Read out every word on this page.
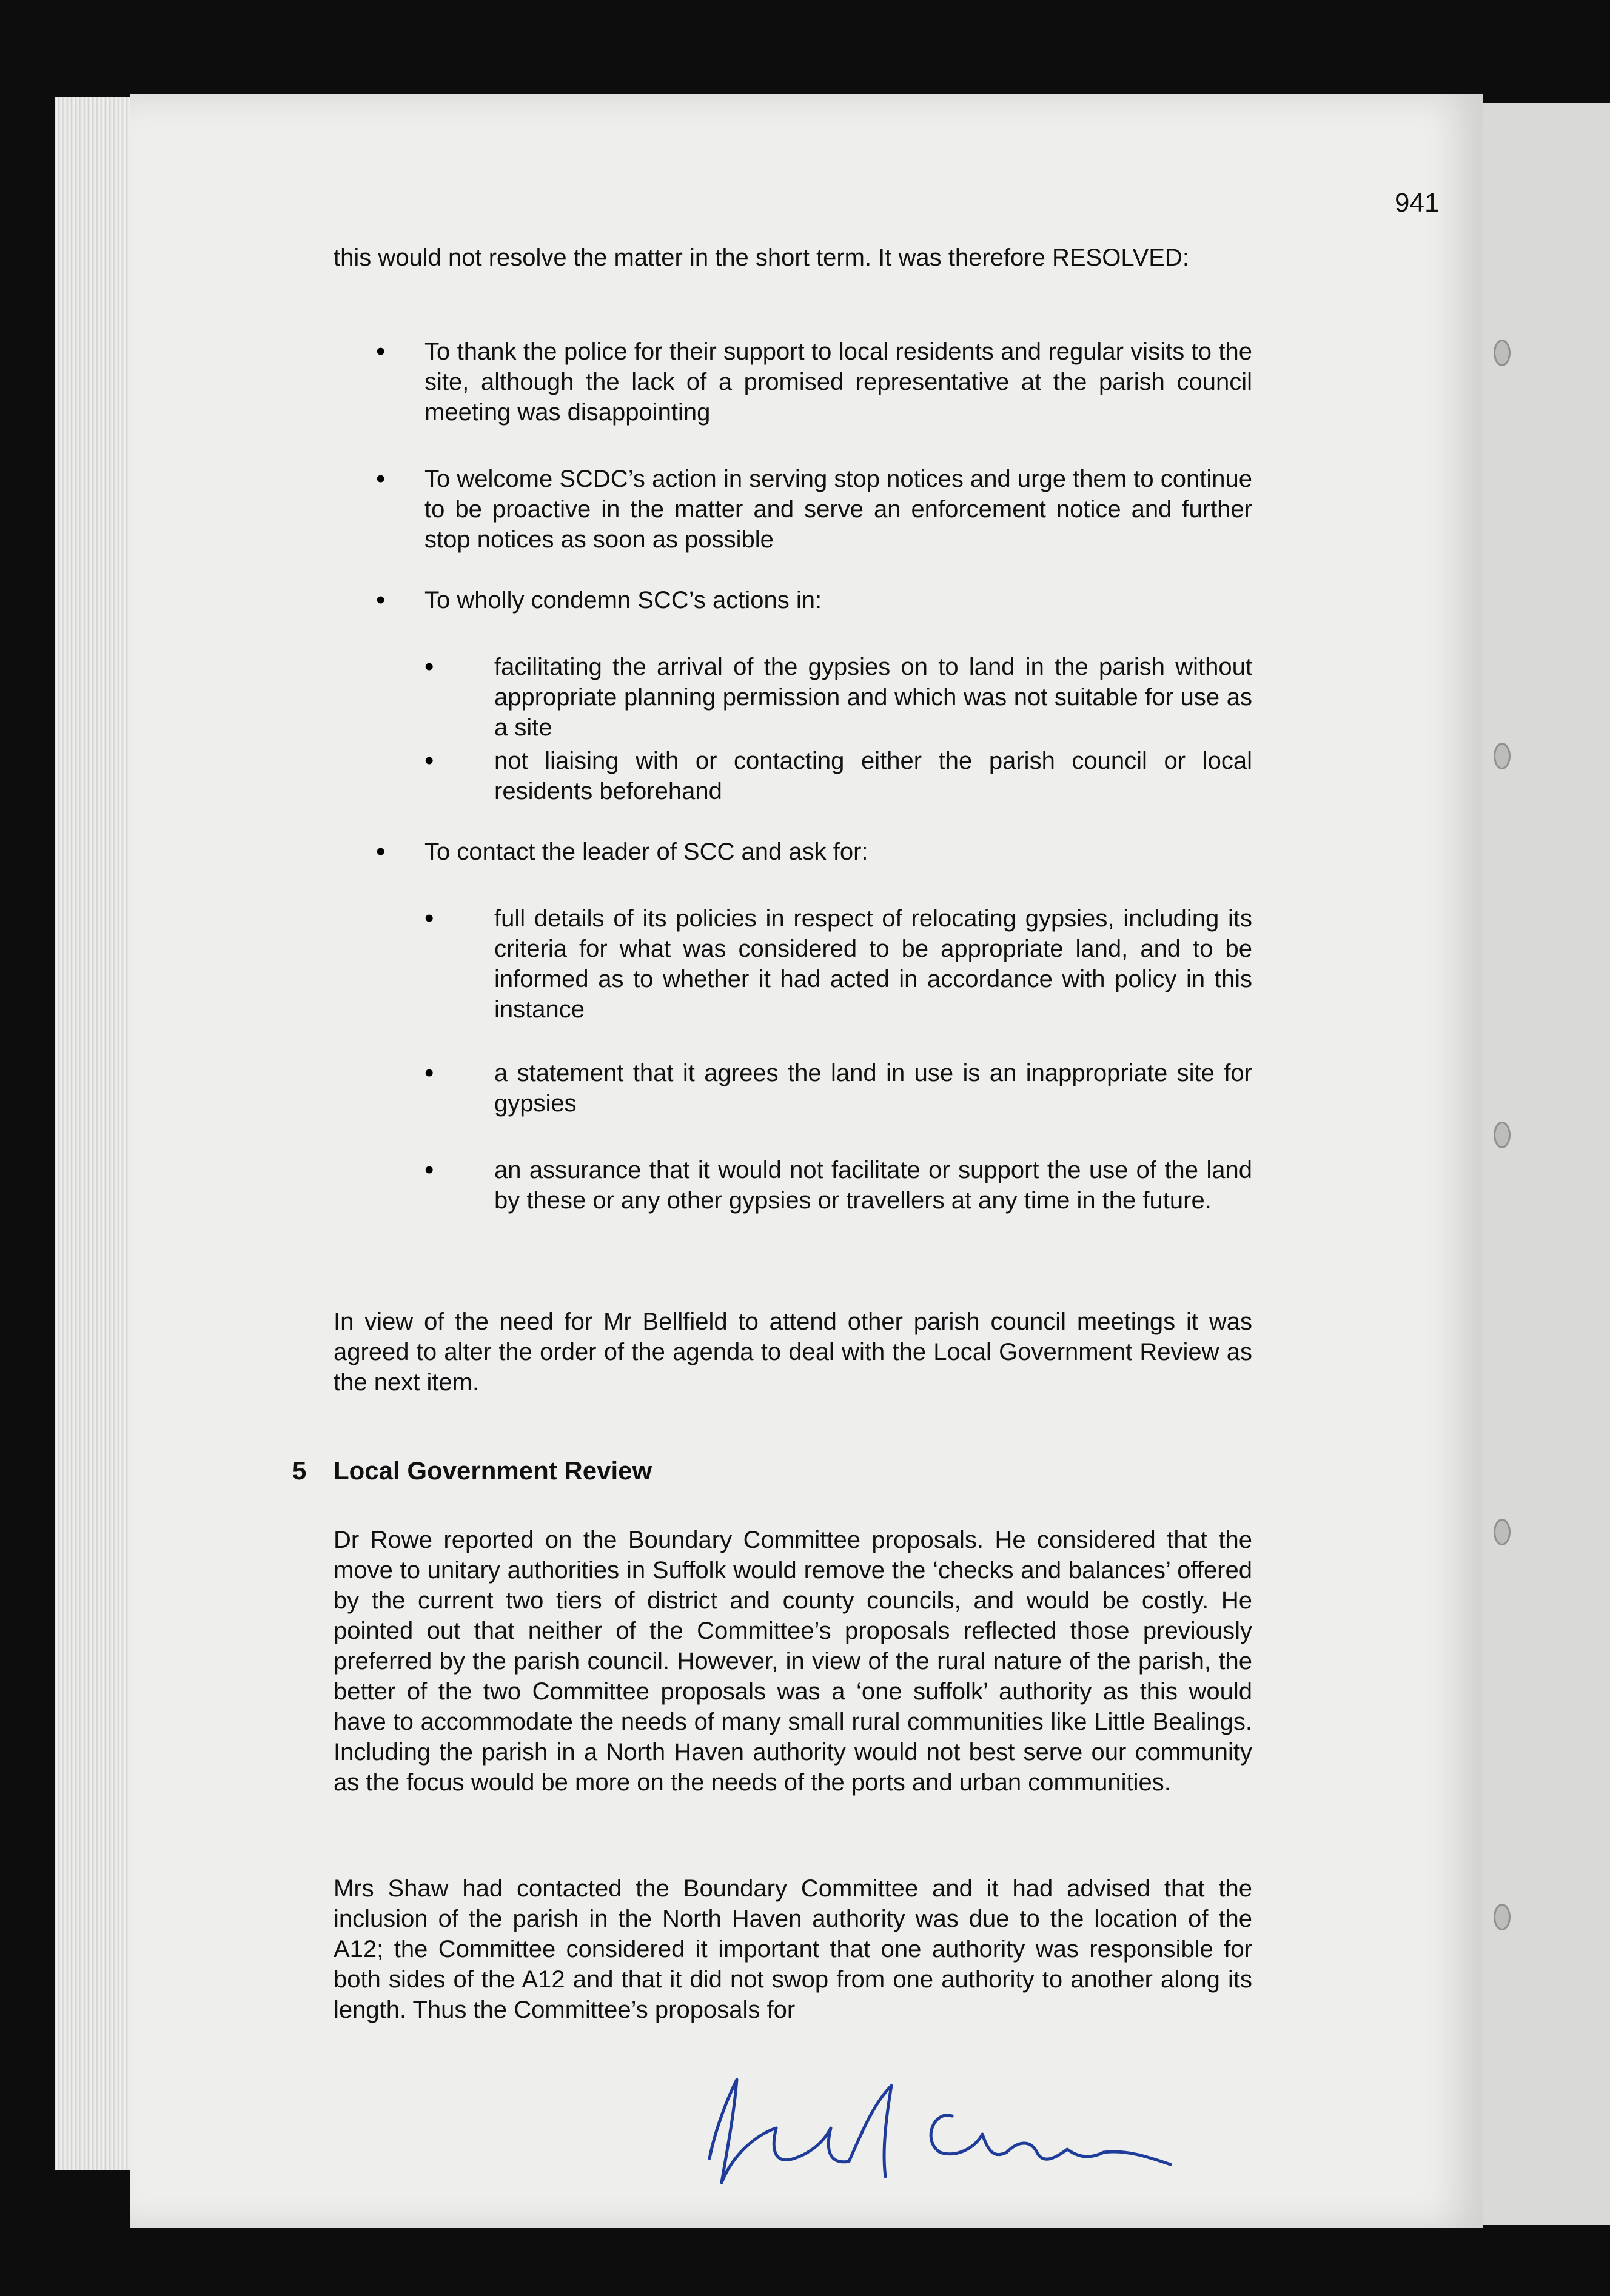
941
this would not resolve the matter in the short term. It was therefore RESOLVED:
• To thank the police for their support to local residents and regular visits to the site, although the lack of a promised representative at the parish council meeting was disappointing
• To welcome SCDC’s action in serving stop notices and urge them to continue to be proactive in the matter and serve an enforcement notice and further stop notices as soon as possible
• To wholly condemn SCC’s actions in:
• facilitating the arrival of the gypsies on to land in the parish without appropriate planning permission and which was not suitable for use as a site
• not liaising with or contacting either the parish council or local residents beforehand
• To contact the leader of SCC and ask for:
• full details of its policies in respect of relocating gypsies, including its criteria for what was considered to be appropriate land, and to be informed as to whether it had acted in accordance with policy in this instance
• a statement that it agrees the land in use is an inappropriate site for gypsies
• an assurance that it would not facilitate or support the use of the land by these or any other gypsies or travellers at any time in the future.
In view of the need for Mr Bellfield to attend other parish council meetings it was agreed to alter the order of the agenda to deal with the Local Government Review as the next item.
5 Local Government Review
Dr Rowe reported on the Boundary Committee proposals. He considered that the move to unitary authorities in Suffolk would remove the ‘checks and balances’ offered by the current two tiers of district and county councils, and would be costly. He pointed out that neither of the Committee’s proposals reflected those previously preferred by the parish council. However, in view of the rural nature of the parish, the better of the two Committee proposals was a ‘one suffolk’ authority as this would have to accommodate the needs of many small rural communities like Little Bealings. Including the parish in a North Haven authority would not best serve our community as the focus would be more on the needs of the ports and urban communities.
Mrs Shaw had contacted the Boundary Committee and it had advised that the inclusion of the parish in the North Haven authority was due to the location of the A12; the Committee considered it important that one authority was responsible for both sides of the A12 and that it did not swop from one authority to another along its length. Thus the Committee’s proposals for
